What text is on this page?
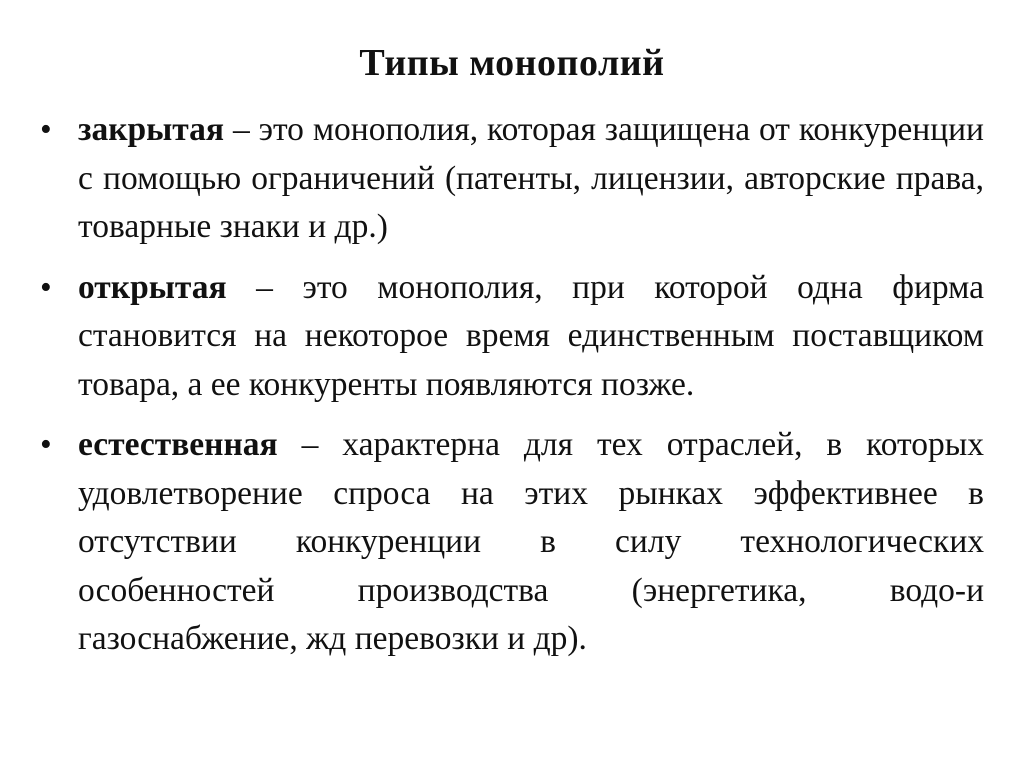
Типы монополий
• закрытая – это монополия, которая защищена от конкуренции с помощью ограничений (патенты, лицензии, авторские права, товарные знаки и др.)
• открытая – это монополия, при которой одна фирма становится на некоторое время единственным поставщиком товара, а ее конкуренты появляются позже.
• естественная – характерна для тех отраслей, в которых удовлетворение спроса на этих рынках эффективнее в отсутствии конкуренции в силу технологических особенностей производства (энергетика, водо-и газоснабжение, жд перевозки и др).
